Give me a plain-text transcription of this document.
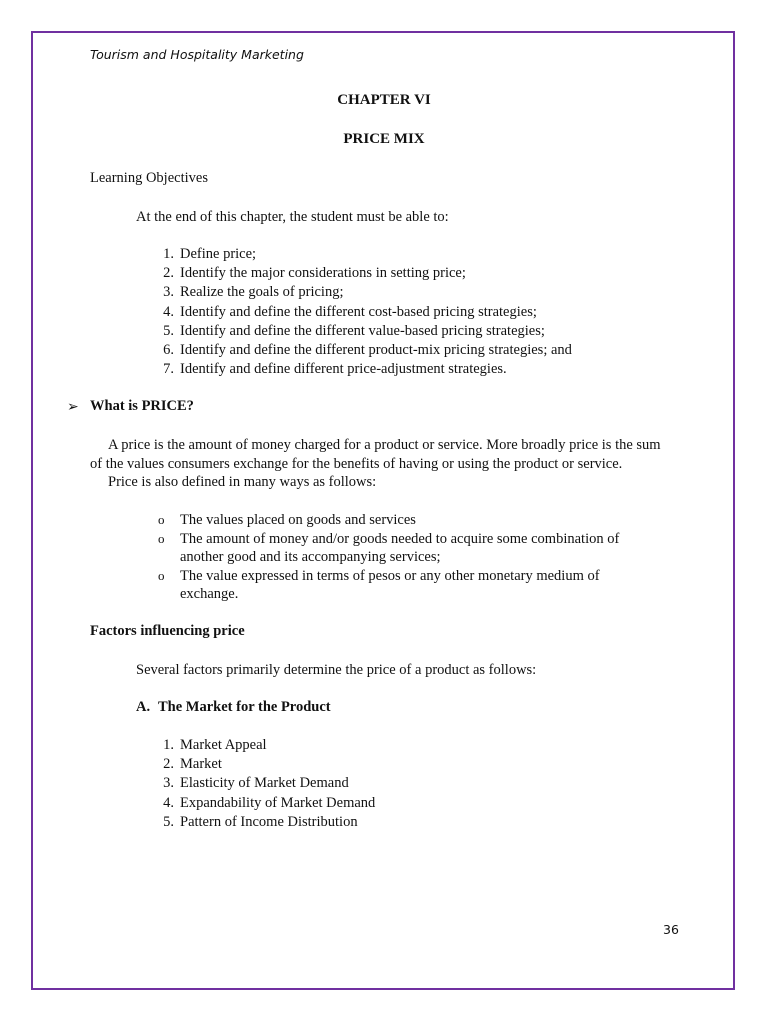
Tourism and Hospitality Marketing
CHAPTER VI
PRICE MIX
Learning Objectives
At the end of this chapter, the student must be able to:
1. Define price;
2. Identify the major considerations in setting price;
3. Realize the goals of pricing;
4. Identify and define the different cost-based pricing strategies;
5. Identify and define the different value-based pricing strategies;
6. Identify and define the different product-mix pricing strategies; and
7. Identify and define different price-adjustment strategies.
➢ What is PRICE?
A price is the amount of money charged for a product or service. More broadly price is the sum
of the values consumers exchange for the benefits of having or using the product or service.
Price is also defined in many ways as follows:
o The values placed on goods and services
o The amount of money and/or goods needed to acquire some combination of another good and its accompanying services;
o The value expressed in terms of pesos or any other monetary medium of exchange.
Factors influencing price
Several factors primarily determine the price of a product as follows:
A. The Market for the Product
1. Market Appeal
2. Market
3. Elasticity of Market Demand
4. Expandability of Market Demand
5. Pattern of Income Distribution
36
